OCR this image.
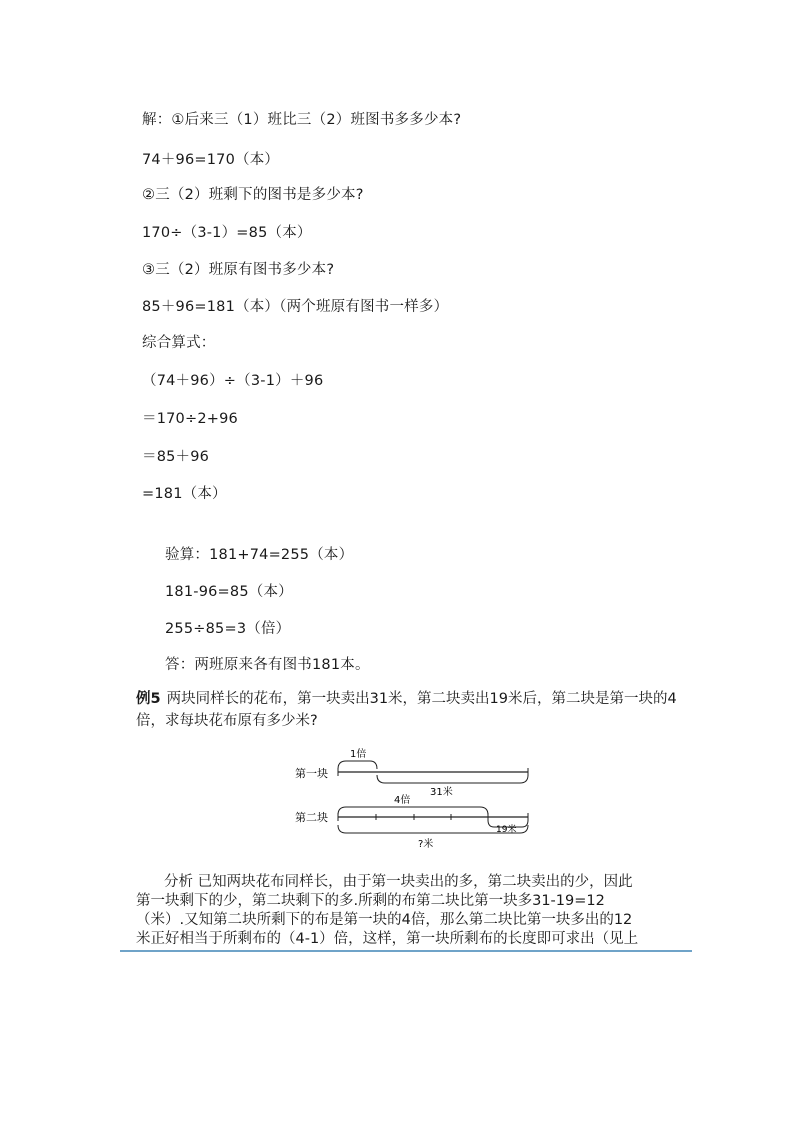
解：①后来三（1）班比三（2）班图书多多少本?
74＋96=170（本）
②三（2）班剩下的图书是多少本?
170÷（3-1）=85（本）
③三（2）班原有图书多少本?
85＋96=181（本）（两个班原有图书一样多）
综合算式：
（74＋96）÷（3-1）＋96
＝170÷2+96
＝85＋96
=181（本）
验算：181+74=255（本）
181-96=85（本）
255÷85=3（倍）
答：两班原来各有图书181本。
例5 两块同样长的花布，第一块卖出31米，第二块卖出19米后，第二块是第一块的4倍，求每块花布原有多少米?
第一块
1倍
31米
第二块
4倍
19米
?米
分析 已知两块花布同样长，由于第一块卖出的多，第二块卖出的少，因此
第一块剩下的少，第二块剩下的多.所剩的布第二块比第一块多31-19=12
（米）.又知第二块所剩下的布是第一块的4倍，那么第二块比第一块多出的12
米正好相当于所剩布的（4-1）倍，这样，第一块所剩布的长度即可求出（见上
